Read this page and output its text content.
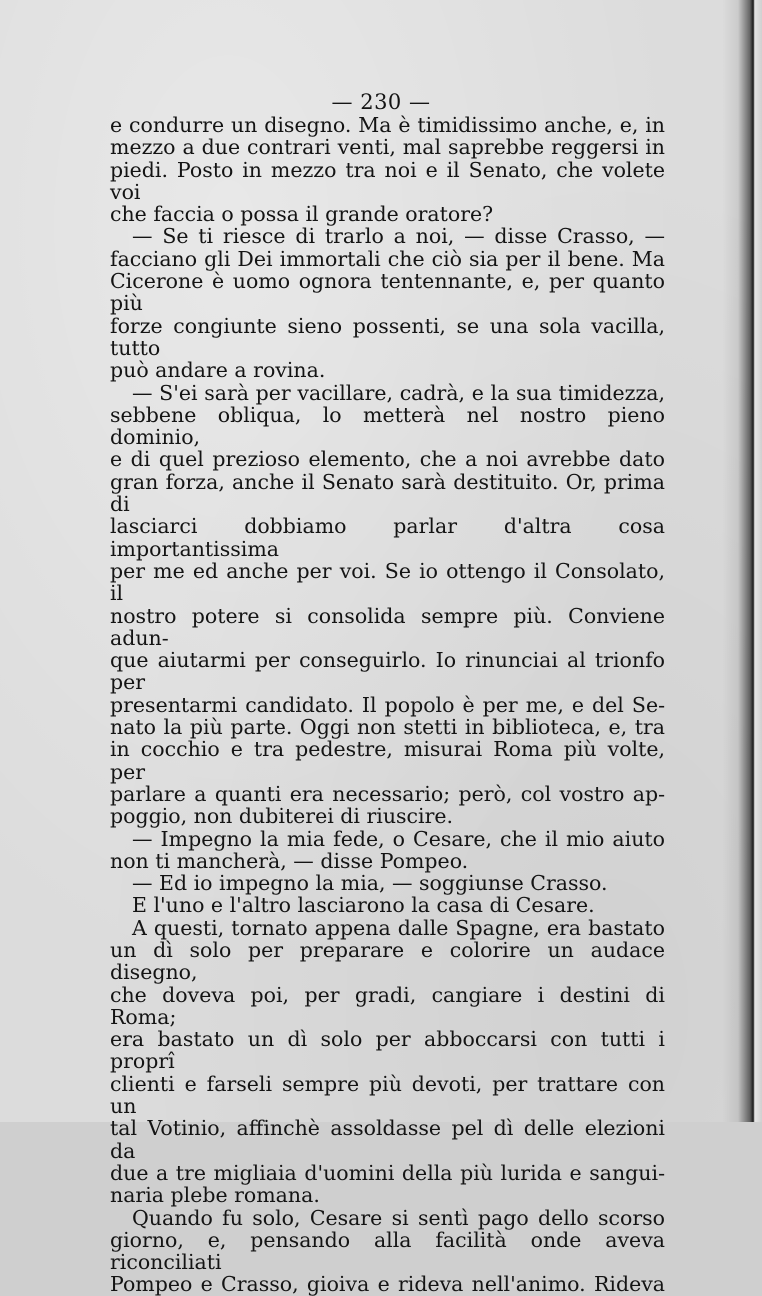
— 230 —

e condurre un disegno. Ma è timidissimo anche, e, in

mezzo a due contrari venti, mal saprebbe reggersi in

piedi. Posto in mezzo tra noi e il Senato, che volete voi

che faccia o possa il grande oratore?

— Se ti riesce di trarlo a noi, — disse Crasso, —

facciano gli Dei immortali che ciò sia per il bene. Ma

Cicerone è uomo ognora tentennante, e, per quanto più

forze congiunte sieno possenti, se una sola vacilla, tutto

può andare a rovina.

— S'ei sarà per vacillare, cadrà, e la sua timidezza,

sebbene obliqua, lo metterà nel nostro pieno dominio,

e di quel prezioso elemento, che a noi avrebbe dato

gran forza, anche il Senato sarà destituito. Or, prima di

lasciarci dobbiamo parlar d'altra cosa importantissima

per me ed anche per voi. Se io ottengo il Consolato, il

nostro potere si consolida sempre più. Conviene adun-

que aiutarmi per conseguirlo. Io rinunciai al trionfo per

presentarmi candidato. Il popolo è per me, e del Se-

nato la più parte. Oggi non stetti in biblioteca, e, tra

in cocchio e tra pedestre, misurai Roma più volte, per

parlare a quanti era necessario; però, col vostro ap-

poggio, non dubiterei di riuscire.

— Impegno la mia fede, o Cesare, che il mio aiuto

non ti mancherà, — disse Pompeo.

— Ed io impegno la mia, — soggiunse Crasso.

E l'uno e l'altro lasciarono la casa di Cesare.

A questi, tornato appena dalle Spagne, era bastato

un dì solo per preparare e colorire un audace disegno,

che doveva poi, per gradi, cangiare i destini di Roma;

era bastato un dì solo per abboccarsi con tutti i proprî

clienti e farseli sempre più devoti, per trattare con un

tal Votinio, affinchè assoldasse pel dì delle elezioni da

due a tre migliaia d'uomini della più lurida e sangui-

naria plebe romana.

Quando fu solo, Cesare si sentì pago dello scorso

giorno, e, pensando alla facilità onde aveva riconciliati

Pompeo e Crasso, gioiva e rideva nell'animo. Rideva
